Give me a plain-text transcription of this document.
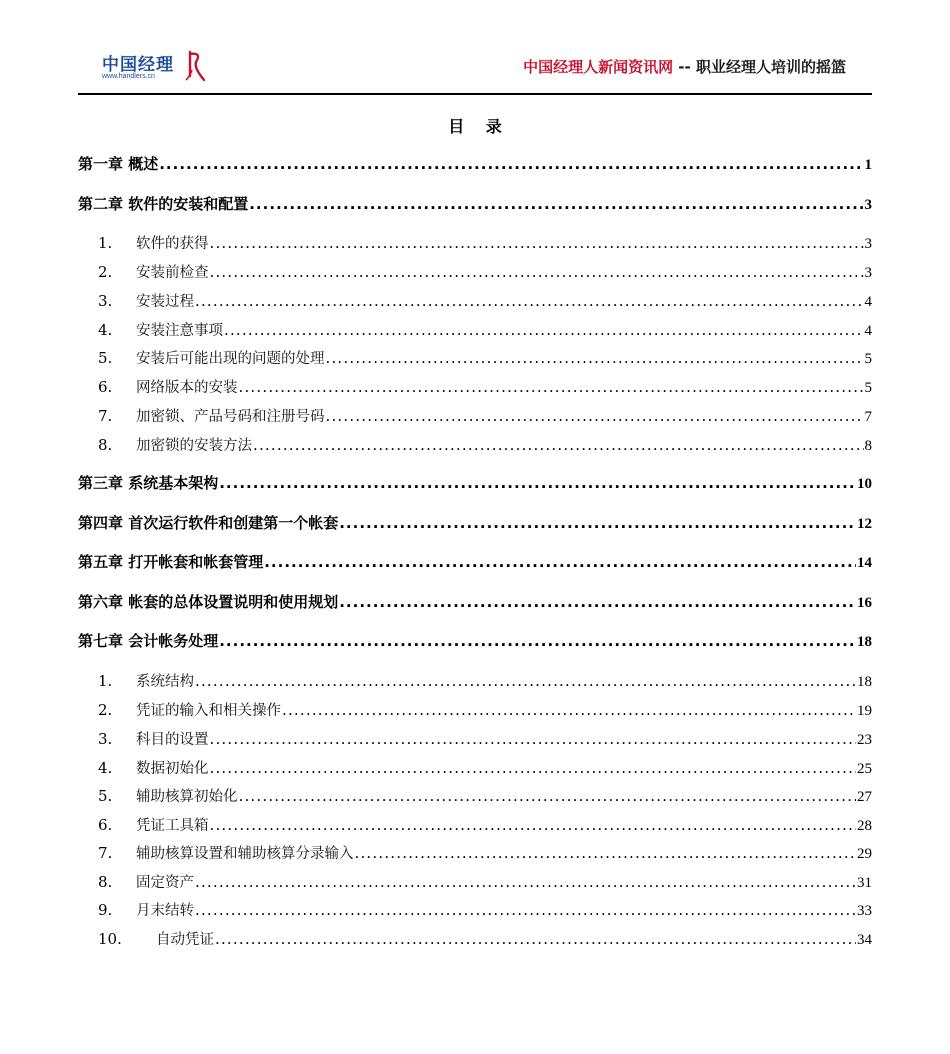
中国经理
www.handlers.cn
中国经理人新闻资讯网 -- 职业经理人培训的摇篮
目 录
第一章 概述 .....	1
第二章 软件的安装和配置 .....	3
1.	软件的获得 .....	3
2.	安装前检查 .....	3
3.	安装过程 .....	4
4.	安装注意事项 .....	4
5.	安装后可能出现的问题的处理 .....	5
6.	网络版本的安装 .....	5
7.	加密锁、产品号码和注册号码 .....	7
8.	加密锁的安装方法 .....	8
第三章 系统基本架构 .....	10
第四章 首次运行软件和创建第一个帐套 .....	12
第五章 打开帐套和帐套管理 .....	14
第六章 帐套的总体设置说明和使用规划 .....	16
第七章 会计帐务处理 .....	18
1.	系统结构 .....	18
2.	凭证的输入和相关操作 .....	19
3.	科目的设置 .....	23
4.	数据初始化 .....	25
5.	辅助核算初始化 .....	27
6.	凭证工具箱 .....	28
7.	辅助核算设置和辅助核算分录输入 .....	29
8.	固定资产 .....	31
9.	月末结转 .....	33
10.	自动凭证 .....	34
